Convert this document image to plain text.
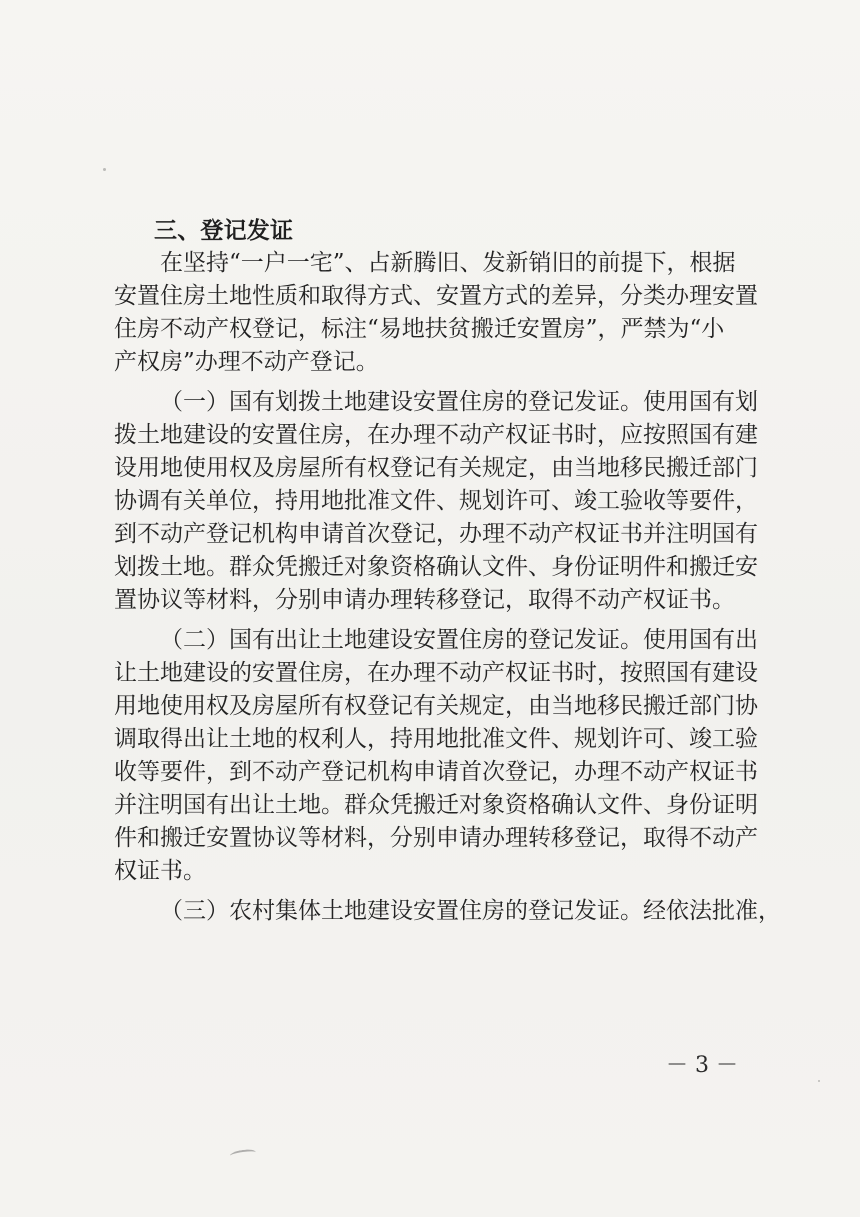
三、登记发证
在坚持“一户一宅”、占新腾旧、发新销旧的前提下，根据
安置住房土地性质和取得方式、安置方式的差异，分类办理安置
住房不动产权登记，标注“易地扶贫搬迁安置房”，严禁为“小
产权房”办理不动产登记。
（一）国有划拨土地建设安置住房的登记发证。使用国有划
拨土地建设的安置住房，在办理不动产权证书时，应按照国有建
设用地使用权及房屋所有权登记有关规定，由当地移民搬迁部门
协调有关单位，持用地批准文件、规划许可、竣工验收等要件，
到不动产登记机构申请首次登记，办理不动产权证书并注明国有
划拨土地。群众凭搬迁对象资格确认文件、身份证明件和搬迁安
置协议等材料，分别申请办理转移登记，取得不动产权证书。
（二）国有出让土地建设安置住房的登记发证。使用国有出
让土地建设的安置住房，在办理不动产权证书时，按照国有建设
用地使用权及房屋所有权登记有关规定，由当地移民搬迁部门协
调取得出让土地的权利人，持用地批准文件、规划许可、竣工验
收等要件，到不动产登记机构申请首次登记，办理不动产权证书
并注明国有出让土地。群众凭搬迁对象资格确认文件、身份证明
件和搬迁安置协议等材料，分别申请办理转移登记，取得不动产
权证书。
（三）农村集体土地建设安置住房的登记发证。经依法批准，
－ 3 －
